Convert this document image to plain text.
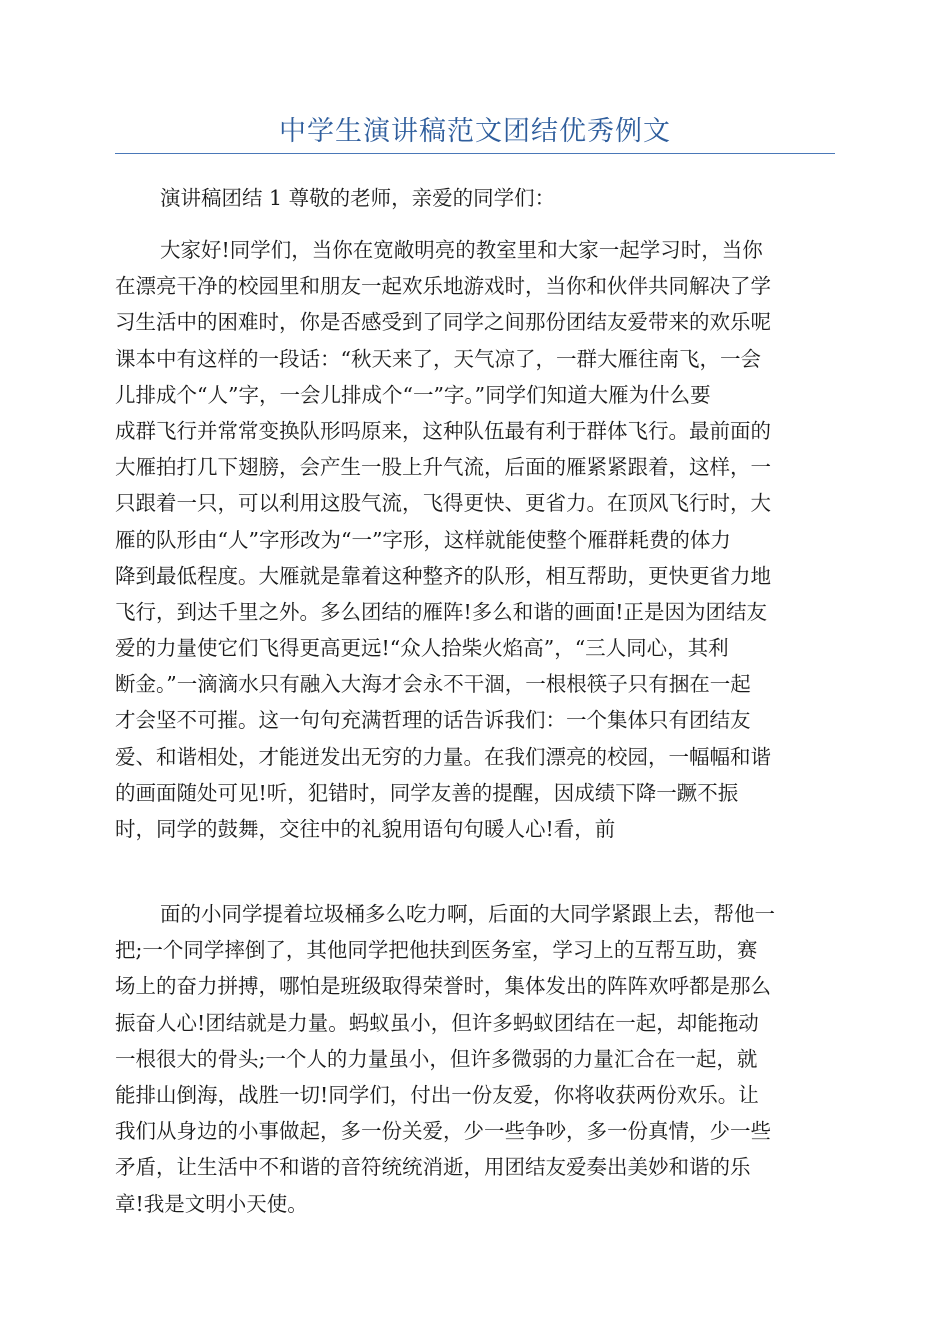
中学生演讲稿范文团结优秀例文

演讲稿团结 1 尊敬的老师，亲爱的同学们：

大家好!同学们，当你在宽敞明亮的教室里和大家一起学习时，当你
在漂亮干净的校园里和朋友一起欢乐地游戏时，当你和伙伴共同解决了学
习生活中的困难时，你是否感受到了同学之间那份团结友爱带来的欢乐呢
课本中有这样的一段话：“秋天来了，天气凉了，一群大雁往南飞，一会
儿排成个“人”字，一会儿排成个“一”字。”同学们知道大雁为什么要
成群飞行并常常变换队形吗原来，这种队伍最有利于群体飞行。最前面的
大雁拍打几下翅膀，会产生一股上升气流，后面的雁紧紧跟着，这样，一
只跟着一只，可以利用这股气流，飞得更快、更省力。在顶风飞行时，大
雁的队形由“人”字形改为“一”字形，这样就能使整个雁群耗费的体力
降到最低程度。大雁就是靠着这种整齐的队形，相互帮助，更快更省力地
飞行，到达千里之外。多么团结的雁阵!多么和谐的画面!正是因为团结友
爱的力量使它们飞得更高更远!“众人拾柴火焰高”，“三人同心，其利
断金。”一滴滴水只有融入大海才会永不干涸，一根根筷子只有捆在一起
才会坚不可摧。这一句句充满哲理的话告诉我们：一个集体只有团结友
爱、和谐相处，才能迸发出无穷的力量。在我们漂亮的校园，一幅幅和谐
的画面随处可见!听，犯错时，同学友善的提醒，因成绩下降一蹶不振
时，同学的鼓舞，交往中的礼貌用语句句暖人心!看，前
面的小同学提着垃圾桶多么吃力啊，后面的大同学紧跟上去，帮他一
把;一个同学摔倒了，其他同学把他扶到医务室，学习上的互帮互助，赛
场上的奋力拼搏，哪怕是班级取得荣誉时，集体发出的阵阵欢呼都是那么
振奋人心!团结就是力量。蚂蚁虽小，但许多蚂蚁团结在一起，却能拖动
一根很大的骨头;一个人的力量虽小，但许多微弱的力量汇合在一起，就
能排山倒海，战胜一切!同学们，付出一份友爱，你将收获两份欢乐。让
我们从身边的小事做起，多一份关爱，少一些争吵，多一份真情，少一些
矛盾，让生活中不和谐的音符统统消逝，用团结友爱奏出美妙和谐的乐
章!我是文明小天使。
